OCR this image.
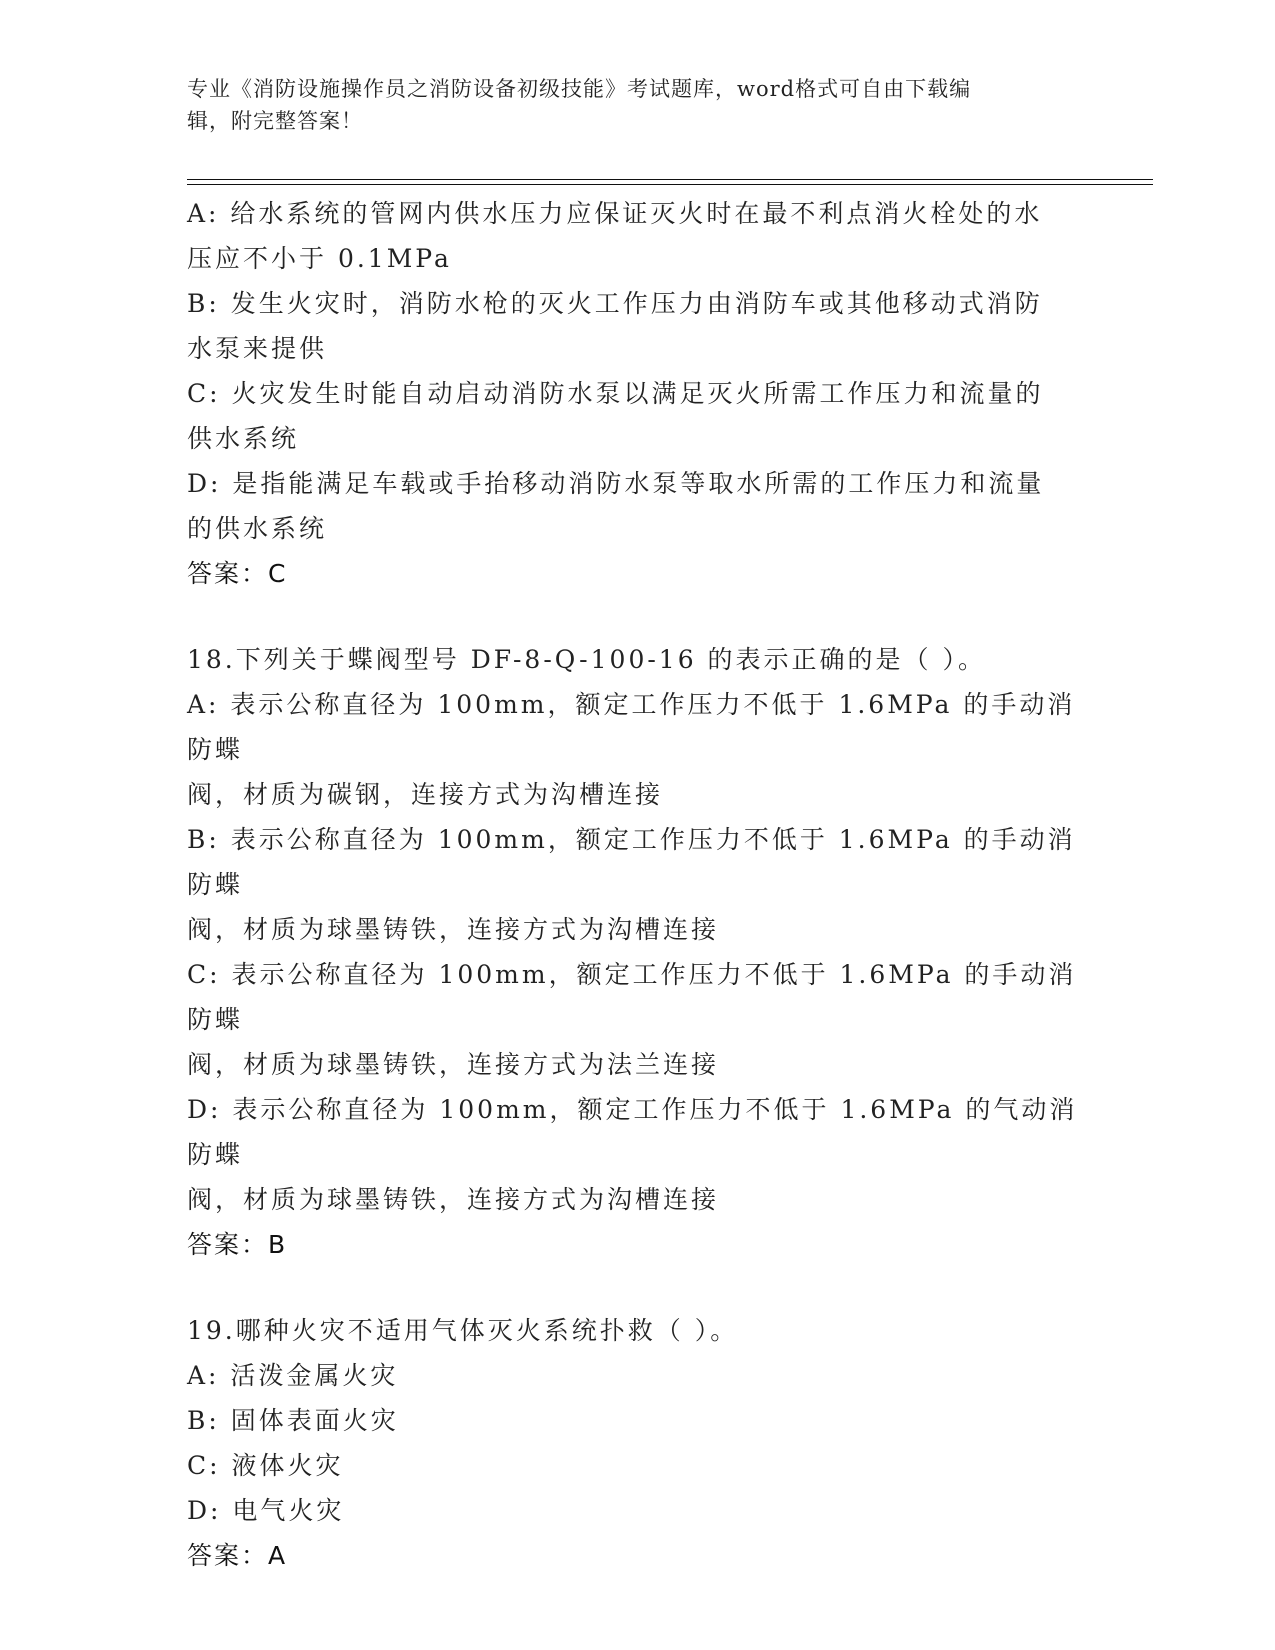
专业《消防设施操作员之消防设备初级技能》考试题库，word格式可自由下载编
辑，附完整答案！
A: 给水系统的管网内供水压力应保证灭火时在最不利点消火栓处的水
压应不小于 0.1MPa
B: 发生火灾时，消防水枪的灭火工作压力由消防车或其他移动式消防
水泵来提供
C: 火灾发生时能自动启动消防水泵以满足灭火所需工作压力和流量的
供水系统
D: 是指能满足车载或手抬移动消防水泵等取水所需的工作压力和流量
的供水系统
答案：C
18.下列关于蝶阀型号 DF-8-Q-100-16 的表示正确的是（ ）。
A: 表示公称直径为 100mm，额定工作压力不低于 1.6MPa 的手动消防蝶
阀，材质为碳钢，连接方式为沟槽连接
B: 表示公称直径为 100mm，额定工作压力不低于 1.6MPa 的手动消防蝶
阀，材质为球墨铸铁，连接方式为沟槽连接
C: 表示公称直径为 100mm，额定工作压力不低于 1.6MPa 的手动消防蝶
阀，材质为球墨铸铁，连接方式为法兰连接
D: 表示公称直径为 100mm，额定工作压力不低于 1.6MPa 的气动消防蝶
阀，材质为球墨铸铁，连接方式为沟槽连接
答案：B
19.哪种火灾不适用气体灭火系统扑救（ ）。
A: 活泼金属火灾
B: 固体表面火灾
C: 液体火灾
D: 电气火灾
答案：A
